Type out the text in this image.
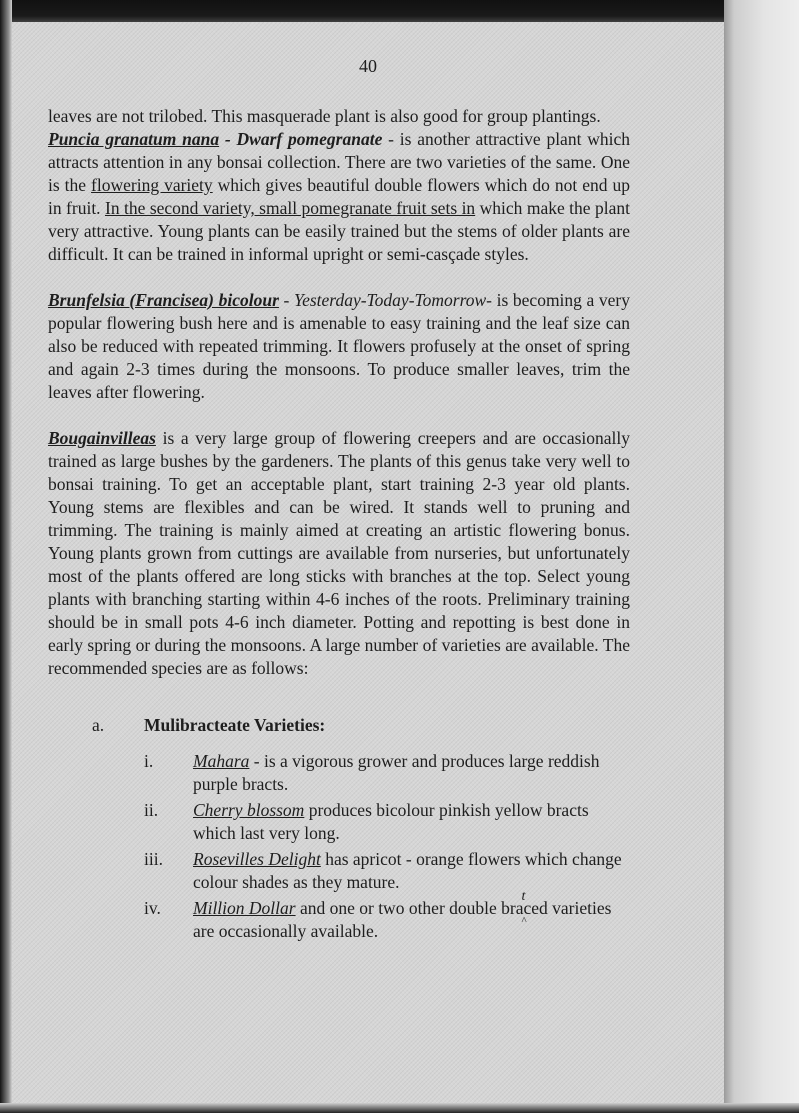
40

leaves are not trilobed. This masquerade plant is also good for group plantings.

Puncia granatum nana - Dwarf pomegranate - is another attractive plant which attracts attention in any bonsai collection. There are two varieties of the same. One is the flowering variety which gives beautiful double flowers which do not end up in fruit. In the second variety, small pomegranate fruit sets in which make the plant very attractive. Young plants can be easily trained but the stems of older plants are difficult. It can be trained in informal upright or semi-casçade styles.

Brunfelsia (Francisea) bicolour - Yesterday-Today-Tomorrow- is becoming a very popular flowering bush here and is amenable to easy training and the leaf size can also be reduced with repeated trimming. It flowers profusely at the onset of spring and again 2-3 times during the monsoons. To produce smaller leaves, trim the leaves after flowering.

Bougainvilleas is a very large group of flowering creepers and are occasionally trained as large bushes by the gardeners. The plants of this genus take very well to bonsai training. To get an acceptable plant, start training 2-3 year old plants. Young stems are flexibles and can be wired. It stands well to pruning and trimming. The training is mainly aimed at creating an artistic flowering bonus. Young plants grown from cuttings are available from nurseries, but unfortunately most of the plants offered are long sticks with branches at the top. Select young plants with branching starting within 4-6 inches of the roots. Preliminary training should be in small pots 4-6 inch diameter. Potting and repotting is best done in early spring or during the monsoons. A large number of varieties are available. The recommended species are as follows:

a. Mulibracteate Varieties:
i. Mahara - is a vigorous grower and produces large reddish purple bracts.
ii. Cherry blossom produces bicolour pinkish yellow bracts which last very long.
iii. Rosevilles Delight has apricot - orange flowers which change colour shades as they mature.
iv. Million Dollar and one or two other double bra
t
^
ced varieties are occasionally available.
